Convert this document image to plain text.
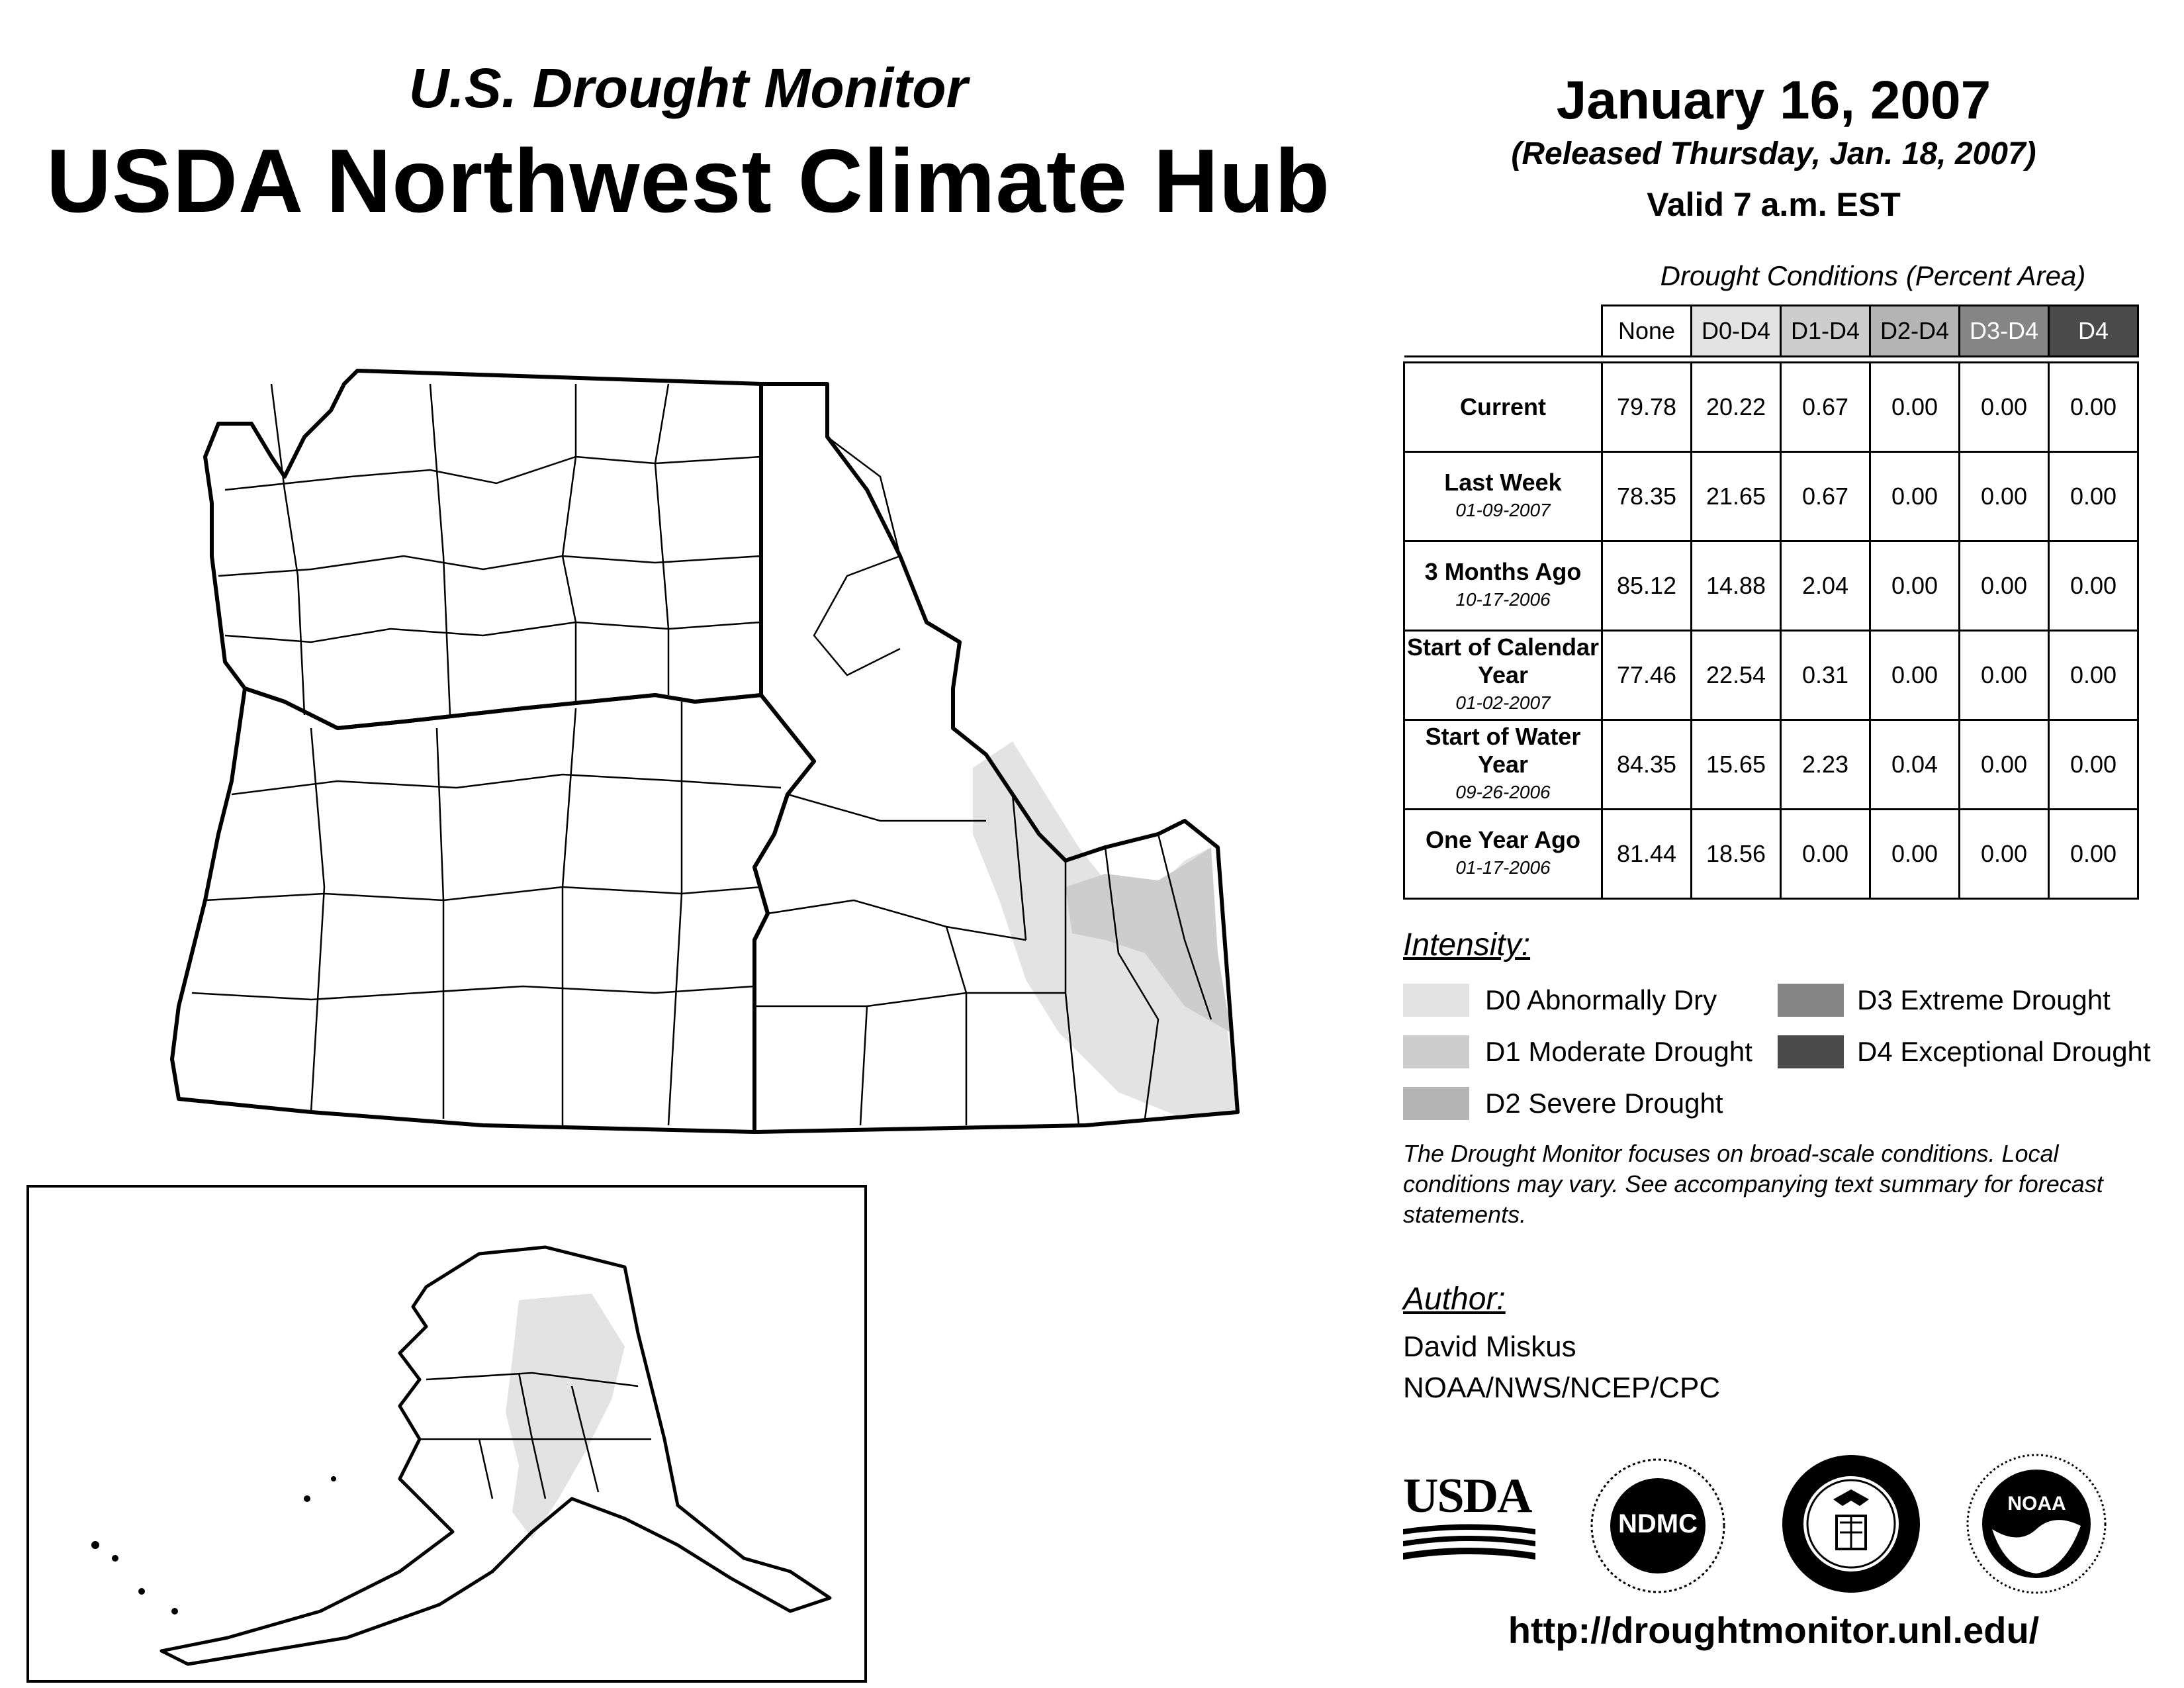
U.S. Drought Monitor
USDA Northwest Climate Hub
January 16, 2007
(Released Thursday, Jan. 18, 2007)
Valid 7 a.m. EST
Drought Conditions (Percent Area)
	None	D0-D4	D1-D4	D2-D4	D3-D4	D4

Current	79.78	20.22	0.67	0.00	0.00	0.00
Last Week
01-09-2007	78.35	21.65	0.67	0.00	0.00	0.00
3 Months Ago
10-17-2006	85.12	14.88	2.04	0.00	0.00	0.00
Start of Calendar Year
01-02-2007	77.46	22.54	0.31	0.00	0.00	0.00
Start of Water Year
09-26-2006	84.35	15.65	2.23	0.04	0.00	0.00
One Year Ago
01-17-2006	81.44	18.56	0.00	0.00	0.00	0.00
Intensity:
D0 Abnormally Dry
D1 Moderate Drought
D2 Severe Drought
D3 Extreme Drought
D4 Exceptional Drought
The Drought Monitor focuses on broad-scale conditions. Local conditions may vary. See accompanying text summary for forecast statements.
Author:
David Miskus
NOAA/NWS/NCEP/CPC
USDA
NDMC
NOAA
http://droughtmonitor.unl.edu/
